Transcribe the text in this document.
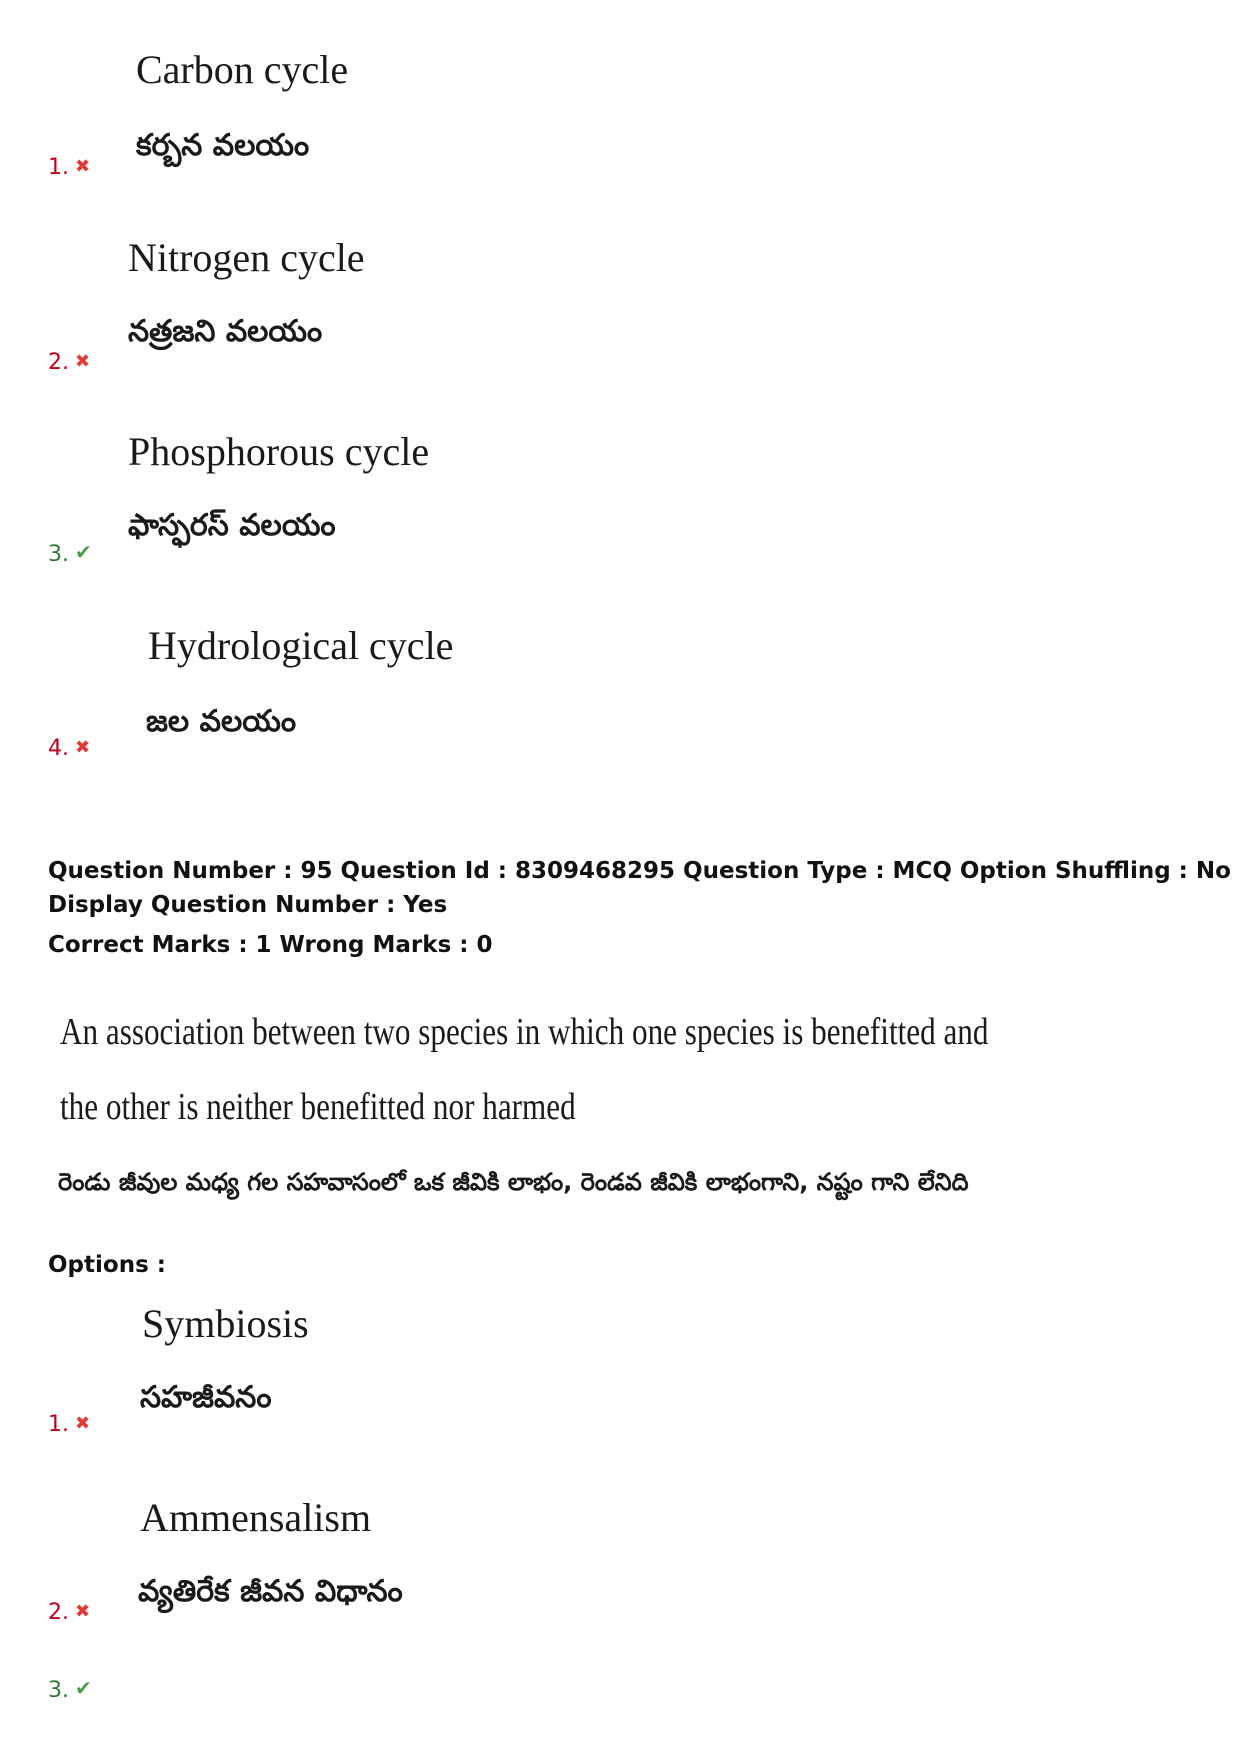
Carbon cycle
కర్బన వలయం
1. ✖
Nitrogen cycle
నత్రజని వలయం
2. ✖
Phosphorous cycle
ఫాస్ఫరస్ వలయం
3. ✔
Hydrological cycle
జల వలయం
4. ✖
Question Number : 95 Question Id : 8309468295 Question Type : MCQ Option Shuffling : No
Display Question Number : Yes
Correct Marks : 1 Wrong Marks : 0
An association between two species in which one species is benefitted and
the other is neither benefitted nor harmed
రెండు జీవుల మధ్య గల సహవాసంలో ఒక జీవికి లాభం, రెండవ జీవికి లాభంగాని, నష్టం గాని లేనిది
Options :
Symbiosis
సహజీవనం
1. ✖
Ammensalism
వ్యతిరేక జీవన విధానం
2. ✖
3. ✔
